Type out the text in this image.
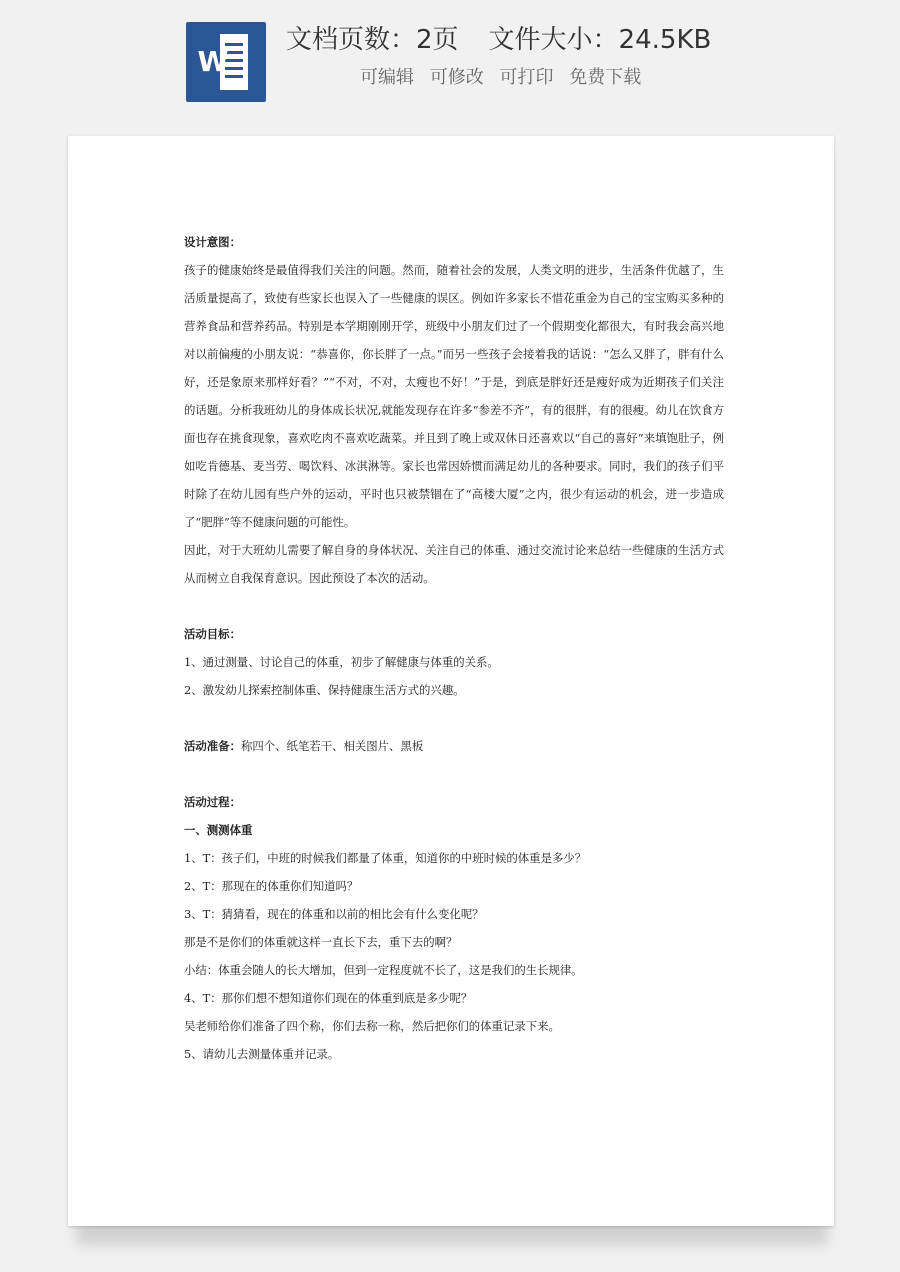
W
文档页数：2页 文件大小：24.5KB
可编辑 可修改 可打印 免费下载

设计意图：

孩子的健康始终是最值得我们关注的问题。然而，随着社会的发展，人类文明的进步，生活条件优越了，生活质量提高了，致使有些家长也误入了一些健康的误区。例如许多家长不惜花重金为自己的宝宝购买多种的营养食品和营养药品。特别是本学期刚刚开学，班级中小朋友们过了一个假期变化都很大，有时我会高兴地对以前偏瘦的小朋友说：“恭喜你，你长胖了一点。”而另一些孩子会接着我的话说：“怎么又胖了，胖有什么好，还是象原来那样好看？”“不对，不对，太瘦也不好！”于是，到底是胖好还是瘦好成为近期孩子们关注的话题。分析我班幼儿的身体成长状况,就能发现存在许多“参差不齐”，有的很胖，有的很瘦。幼儿在饮食方面也存在挑食现象，喜欢吃肉不喜欢吃蔬菜。并且到了晚上或双休日还喜欢以“自己的喜好”来填饱肚子，例如吃肯德基、麦当劳、喝饮料、冰淇淋等。家长也常因娇惯而满足幼儿的各种要求。同时，我们的孩子们平时除了在幼儿园有些户外的运动，平时也只被禁锢在了“高楼大厦”之内，很少有运动的机会，进一步造成了“肥胖”等不健康问题的可能性。

因此，对于大班幼儿需要了解自身的身体状况、关注自己的体重、通过交流讨论来总结一些健康的生活方式从而树立自我保育意识。因此预设了本次的活动。

活动目标：

1、通过测量、讨论自己的体重，初步了解健康与体重的关系。

2、激发幼儿探索控制体重、保持健康生活方式的兴趣。

活动准备：称四个、纸笔若干、相关图片、黑板

活动过程：

一、测测体重

1、T：孩子们，中班的时候我们都量了体重，知道你的中班时候的体重是多少？

2、T：那现在的体重你们知道吗？

3、T：猜猜看，现在的体重和以前的相比会有什么变化呢？

那是不是你们的体重就这样一直长下去，重下去的啊？

小结：体重会随人的长大增加，但到一定程度就不长了，这是我们的生长规律。

4、T：那你们想不想知道你们现在的体重到底是多少呢？

吴老师给你们准备了四个称，你们去称一称，然后把你们的体重记录下来。

5、请幼儿去测量体重并记录。
